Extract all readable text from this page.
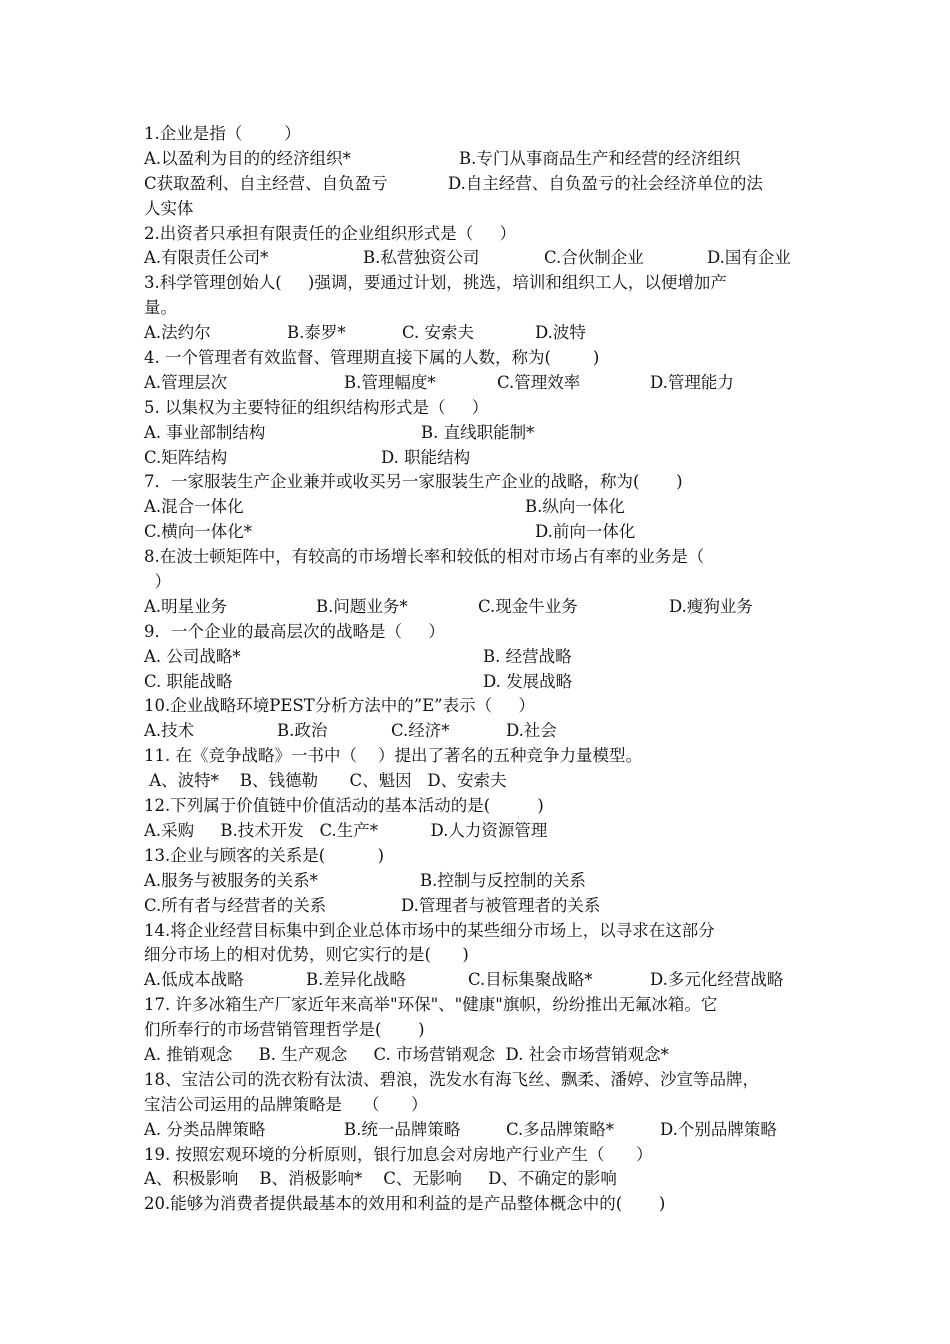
1.企业是指（        ）
A.以盈利为目的的经济组织*	B.专门从事商品生产和经营的经济组织
C获取盈利、自主经营、自负盈亏	D.自主经营、自负盈亏的社会经济单位的法
人实体
2.出资者只承担有限责任的企业组织形式是（     ）
A.有限责任公司*	B.私营独资公司	C.合伙制企业	D.国有企业
3.科学管理创始人(     )强调，要通过计划，挑选，培训和组织工人，以便增加产
量。
A.法约尔	B.泰罗*	C. 安索夫	D.波特
4. 一个管理者有效监督、管理期直接下属的人数，称为(        )
A.管理层次	B.管理幅度*	C.管理效率	D.管理能力
5. 以集权为主要特征的组织结构形式是（     ）
A. 事业部制结构	B. 直线职能制*
C.矩阵结构	D. 职能结构
7．一家服装生产企业兼并或收买另一家服装生产企业的战略，称为(       )
A.混合一体化	B.纵向一体化
C.横向一体化*	D.前向一体化
8.在波士顿矩阵中，有较高的市场增长率和较低的相对市场占有率的业务是（
）
A.明星业务	B.问题业务*	C.现金牛业务	D.瘦狗业务
9．一个企业的最高层次的战略是（     ）
A. 公司战略*	B. 经营战略
C. 职能战略	D. 发展战略
10.企业战略环境PEST分析方法中的”E”表示（     ）
A.技术	B.政治	C.经济*	D.社会
11. 在《竞争战略》一书中（    ）提出了著名的五种竞争力量模型。
A、波特*    B、钱德勒      C、魁因   D、安索夫
12.下列属于价值链中价值活动的基本活动的是(         )
A.采购     B.技术开发   C.生产*          D.人力资源管理
13.企业与顾客的关系是(          )
A.服务与被服务的关系*	B.控制与反控制的关系
C.所有者与经营者的关系	D.管理者与被管理者的关系
14.将企业经营目标集中到企业总体市场中的某些细分市场上，以寻求在这部分
细分市场上的相对优势，则它实行的是(      )
A.低成本战略	B.差异化战略	C.目标集聚战略*	D.多元化经营战略
17. 许多冰箱生产厂家近年来高举"环保"、"健康"旗帜，纷纷推出无氟冰箱。它
们所奉行的市场营销管理哲学是(       )
A. 推销观念     B. 生产观念     C. 市场营销观念  D. 社会市场营销观念*
18、宝洁公司的洗衣粉有汰渍、碧浪，洗发水有海飞丝、飘柔、潘婷、沙宣等品牌，
宝洁公司运用的品牌策略是    （      ）
A. 分类品牌策略	B.统一品牌策略	C.多品牌策略*	D.个别品牌策略
19. 按照宏观环境的分析原则，银行加息会对房地产行业产生（      ）
A、积极影响    B、消极影响*    C、无影响     D、不确定的影响
20.能够为消费者提供最基本的效用和利益的是产品整体概念中的(       )
